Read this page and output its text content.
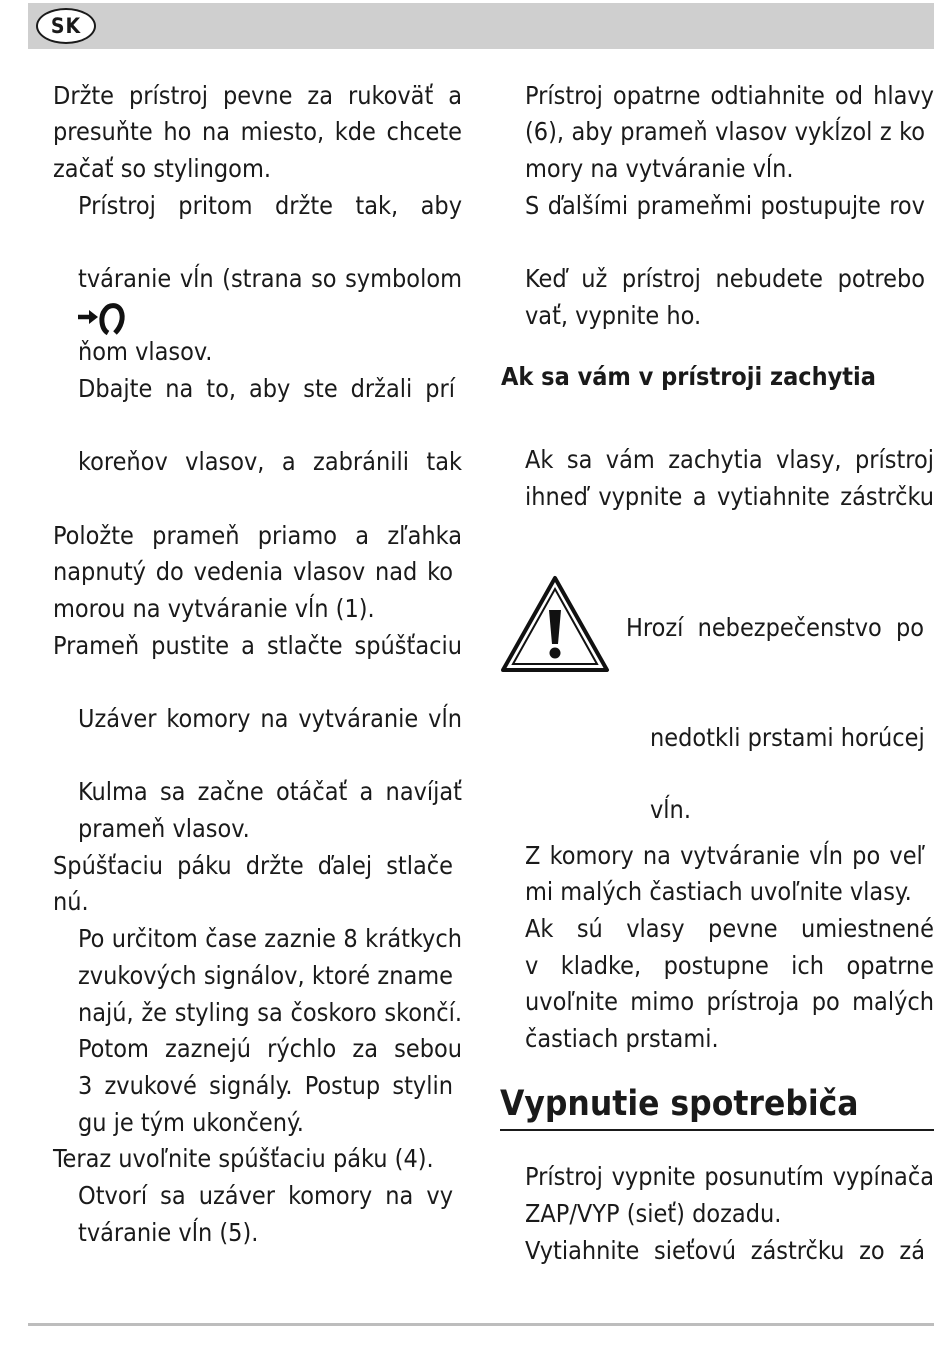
SK
Držte prístroj pevne za rukoväť a
presuňte ho na miesto, kde chcete
začať so stylingom.
Prístroj pritom držte tak, aby
tváranie vĺn (strana so symbolom
ňom vlasov.
Dbajte na to, aby ste držali prí
koreňov vlasov, a zabránili tak
Položte prameň priamo a zľahka
napnutý do vedenia vlasov nad ko
morou na vytváranie vĺn (1).
Prameň pustite a stlačte spúšťaciu
Uzáver komory na vytváranie vĺn
Kulma sa začne otáčať a navíjať
prameň vlasov.
Spúšťaciu páku držte ďalej stlače
nú.
Po určitom čase zaznie 8 krátkych
zvukových signálov, ktoré zname
najú, že styling sa čoskoro skončí.
Potom zaznejú rýchlo za sebou
3 zvukové signály. Postup stylin
gu je tým ukončený.
Teraz uvoľnite spúšťaciu páku (4).
Otvorí sa uzáver komory na vy
tváranie vĺn (5).
Prístroj opatrne odtiahnite od hlavy
(6), aby prameň vlasov vykĺzol z ko
mory na vytváranie vĺn.
S ďalšími prameňmi postupujte rov
Keď už prístroj nebudete potrebo
vať, vypnite ho.
Ak sa vám v prístroji zachytia
Ak sa vám zachytia vlasy, prístroj
ihneď vypnite a vytiahnite zástrčku
Hrozí nebezpečenstvo po
nedotkli prstami horúcej
vĺn.
Z komory na vytváranie vĺn po veľ
mi malých častiach uvoľnite vlasy.
Ak sú vlasy pevne umiestnené
v kladke, postupne ich opatrne
uvoľnite mimo prístroja po malých
častiach prstami.
Vypnutie spotrebiča
Prístroj vypnite posunutím vypínača
ZAP/VYP (sieť) dozadu.
Vytiahnite sieťovú zástrčku zo zá
